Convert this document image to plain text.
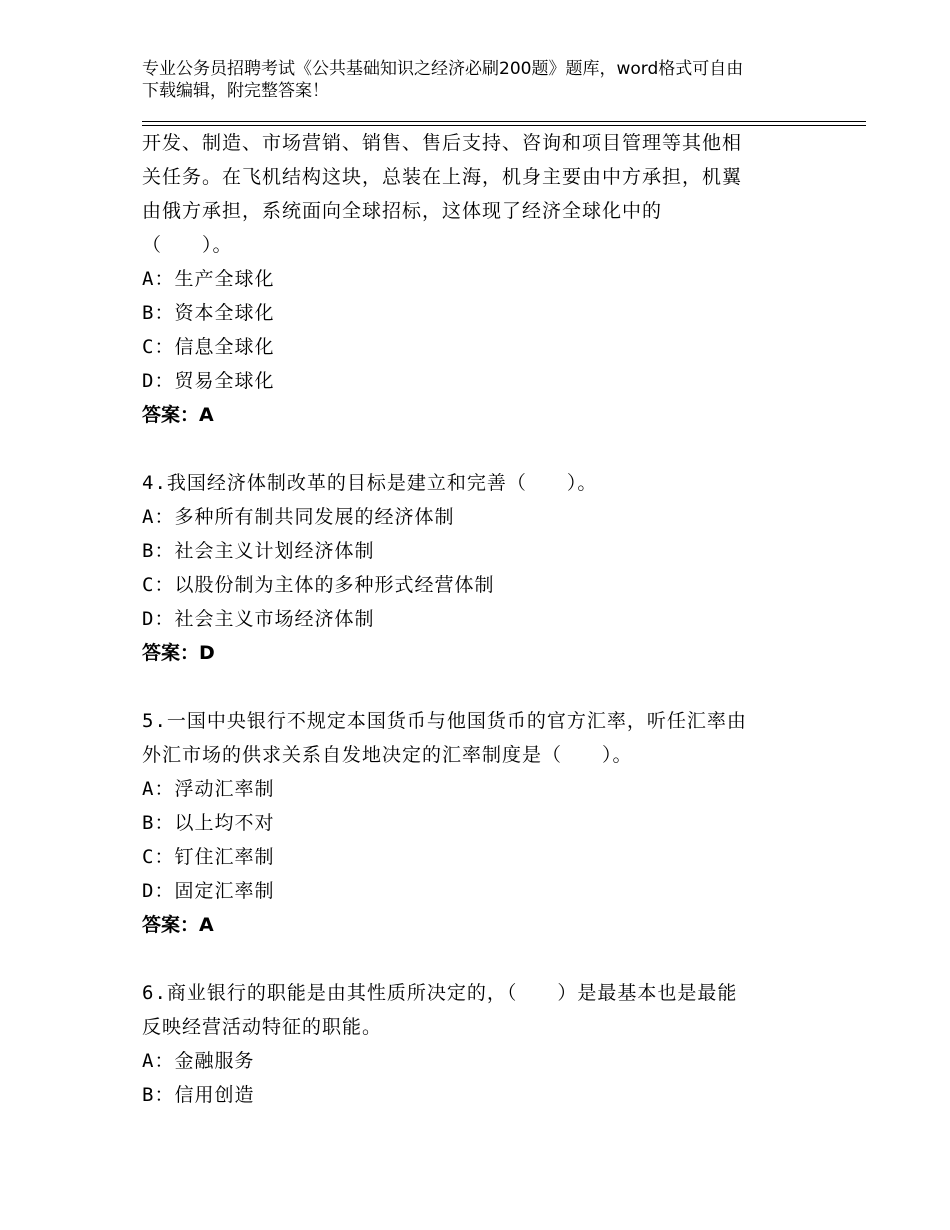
专业公务员招聘考试《公共基础知识之经济必刷200题》题库，word格式可自由
下载编辑，附完整答案！
开发、制造、市场营销、销售、售后支持、咨询和项目管理等其他相
关任务。在飞机结构这块，总装在上海，机身主要由中方承担，机翼
由俄方承担，系统面向全球招标，这体现了经济全球化中的
（　　）。
A：生产全球化
B：资本全球化
C：信息全球化
D：贸易全球化
答案：A
4.我国经济体制改革的目标是建立和完善（　　）。
A：多种所有制共同发展的经济体制
B：社会主义计划经济体制
C：以股份制为主体的多种形式经营体制
D：社会主义市场经济体制
答案：D
5.一国中央银行不规定本国货币与他国货币的官方汇率，听任汇率由
外汇市场的供求关系自发地决定的汇率制度是（　　）。
A：浮动汇率制
B：以上均不对
C：钉住汇率制
D：固定汇率制
答案：A
6.商业银行的职能是由其性质所决定的，（　　）是最基本也是最能
反映经营活动特征的职能。
A：金融服务
B：信用创造
